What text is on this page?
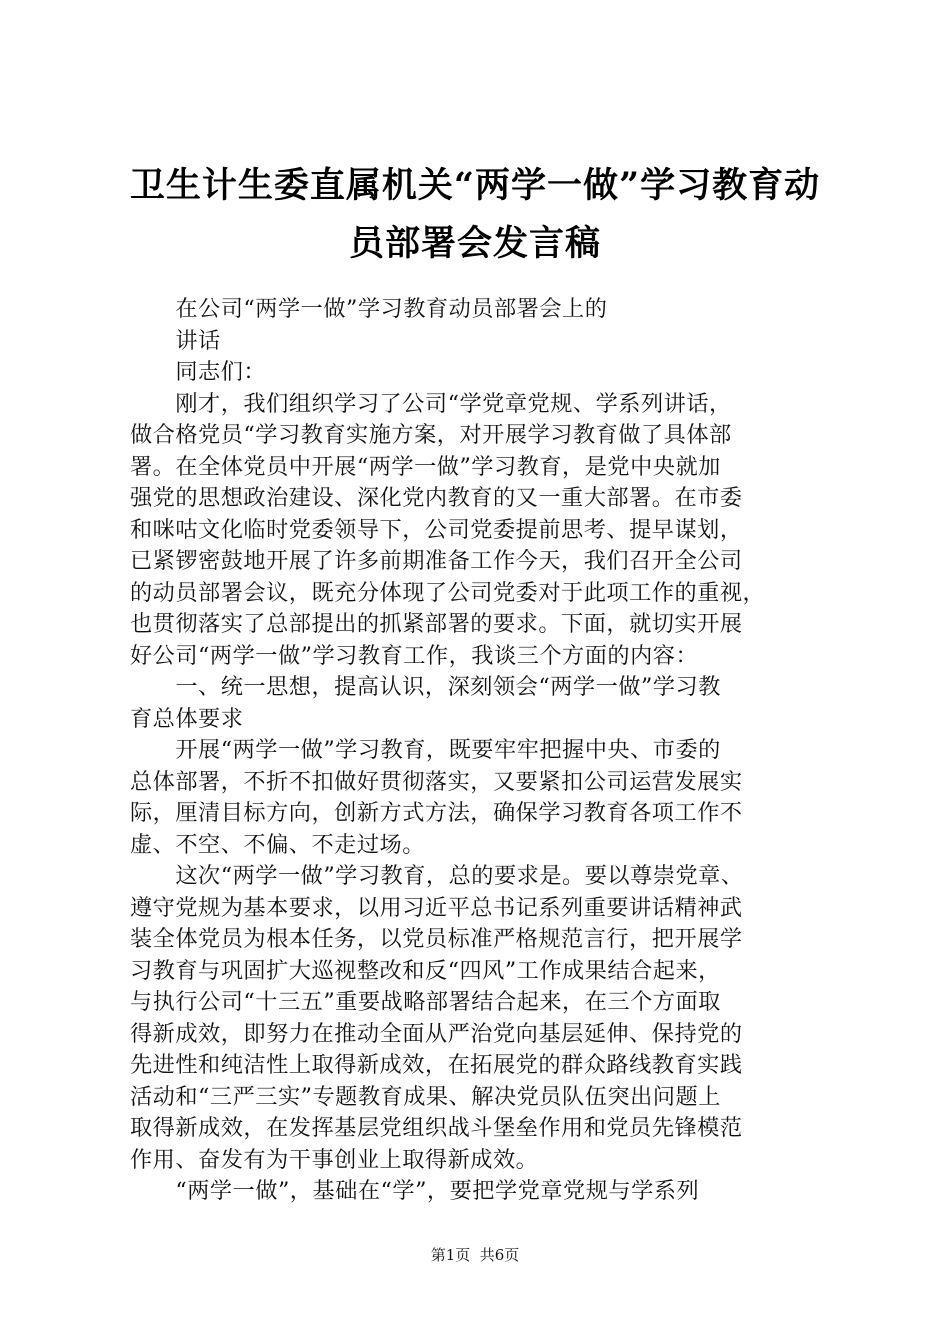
卫生计生委直属机关“两学一做”学习教育动
员部署会发言稿
　　在公司“两学一做”学习教育动员部署会上的
　　讲话
　　同志们：
　　刚才，我们组织学习了公司“学党章党规、学系列讲话，
做合格党员“学习教育实施方案，对开展学习教育做了具体部
署。在全体党员中开展“两学一做”学习教育，是党中央就加
强党的思想政治建设、深化党内教育的又一重大部署。在市委
和咪咕文化临时党委领导下，公司党委提前思考、提早谋划，
已紧锣密鼓地开展了许多前期准备工作今天，我们召开全公司
的动员部署会议，既充分体现了公司党委对于此项工作的重视，
也贯彻落实了总部提出的抓紧部署的要求。下面，就切实开展
好公司“两学一做”学习教育工作，我谈三个方面的内容：
　　一、统一思想，提高认识，深刻领会“两学一做”学习教
育总体要求
　　开展“两学一做”学习教育，既要牢牢把握中央、市委的
总体部署，不折不扣做好贯彻落实，又要紧扣公司运营发展实
际，厘清目标方向，创新方式方法，确保学习教育各项工作不
虚、不空、不偏、不走过场。
　　这次“两学一做”学习教育，总的要求是。要以尊崇党章、
遵守党规为基本要求，以用习近平总书记系列重要讲话精神武
装全体党员为根本任务，以党员标准严格规范言行，把开展学
习教育与巩固扩大巡视整改和反“四风”工作成果结合起来，
与执行公司“十三五”重要战略部署结合起来，在三个方面取
得新成效，即努力在推动全面从严治党向基层延伸、保持党的
先进性和纯洁性上取得新成效，在拓展党的群众路线教育实践
活动和“三严三实”专题教育成果、解决党员队伍突出问题上
取得新成效，在发挥基层党组织战斗堡垒作用和党员先锋模范
作用、奋发有为干事创业上取得新成效。
　　“两学一做”，基础在“学”，要把学党章党规与学系列
第1页  共6页
